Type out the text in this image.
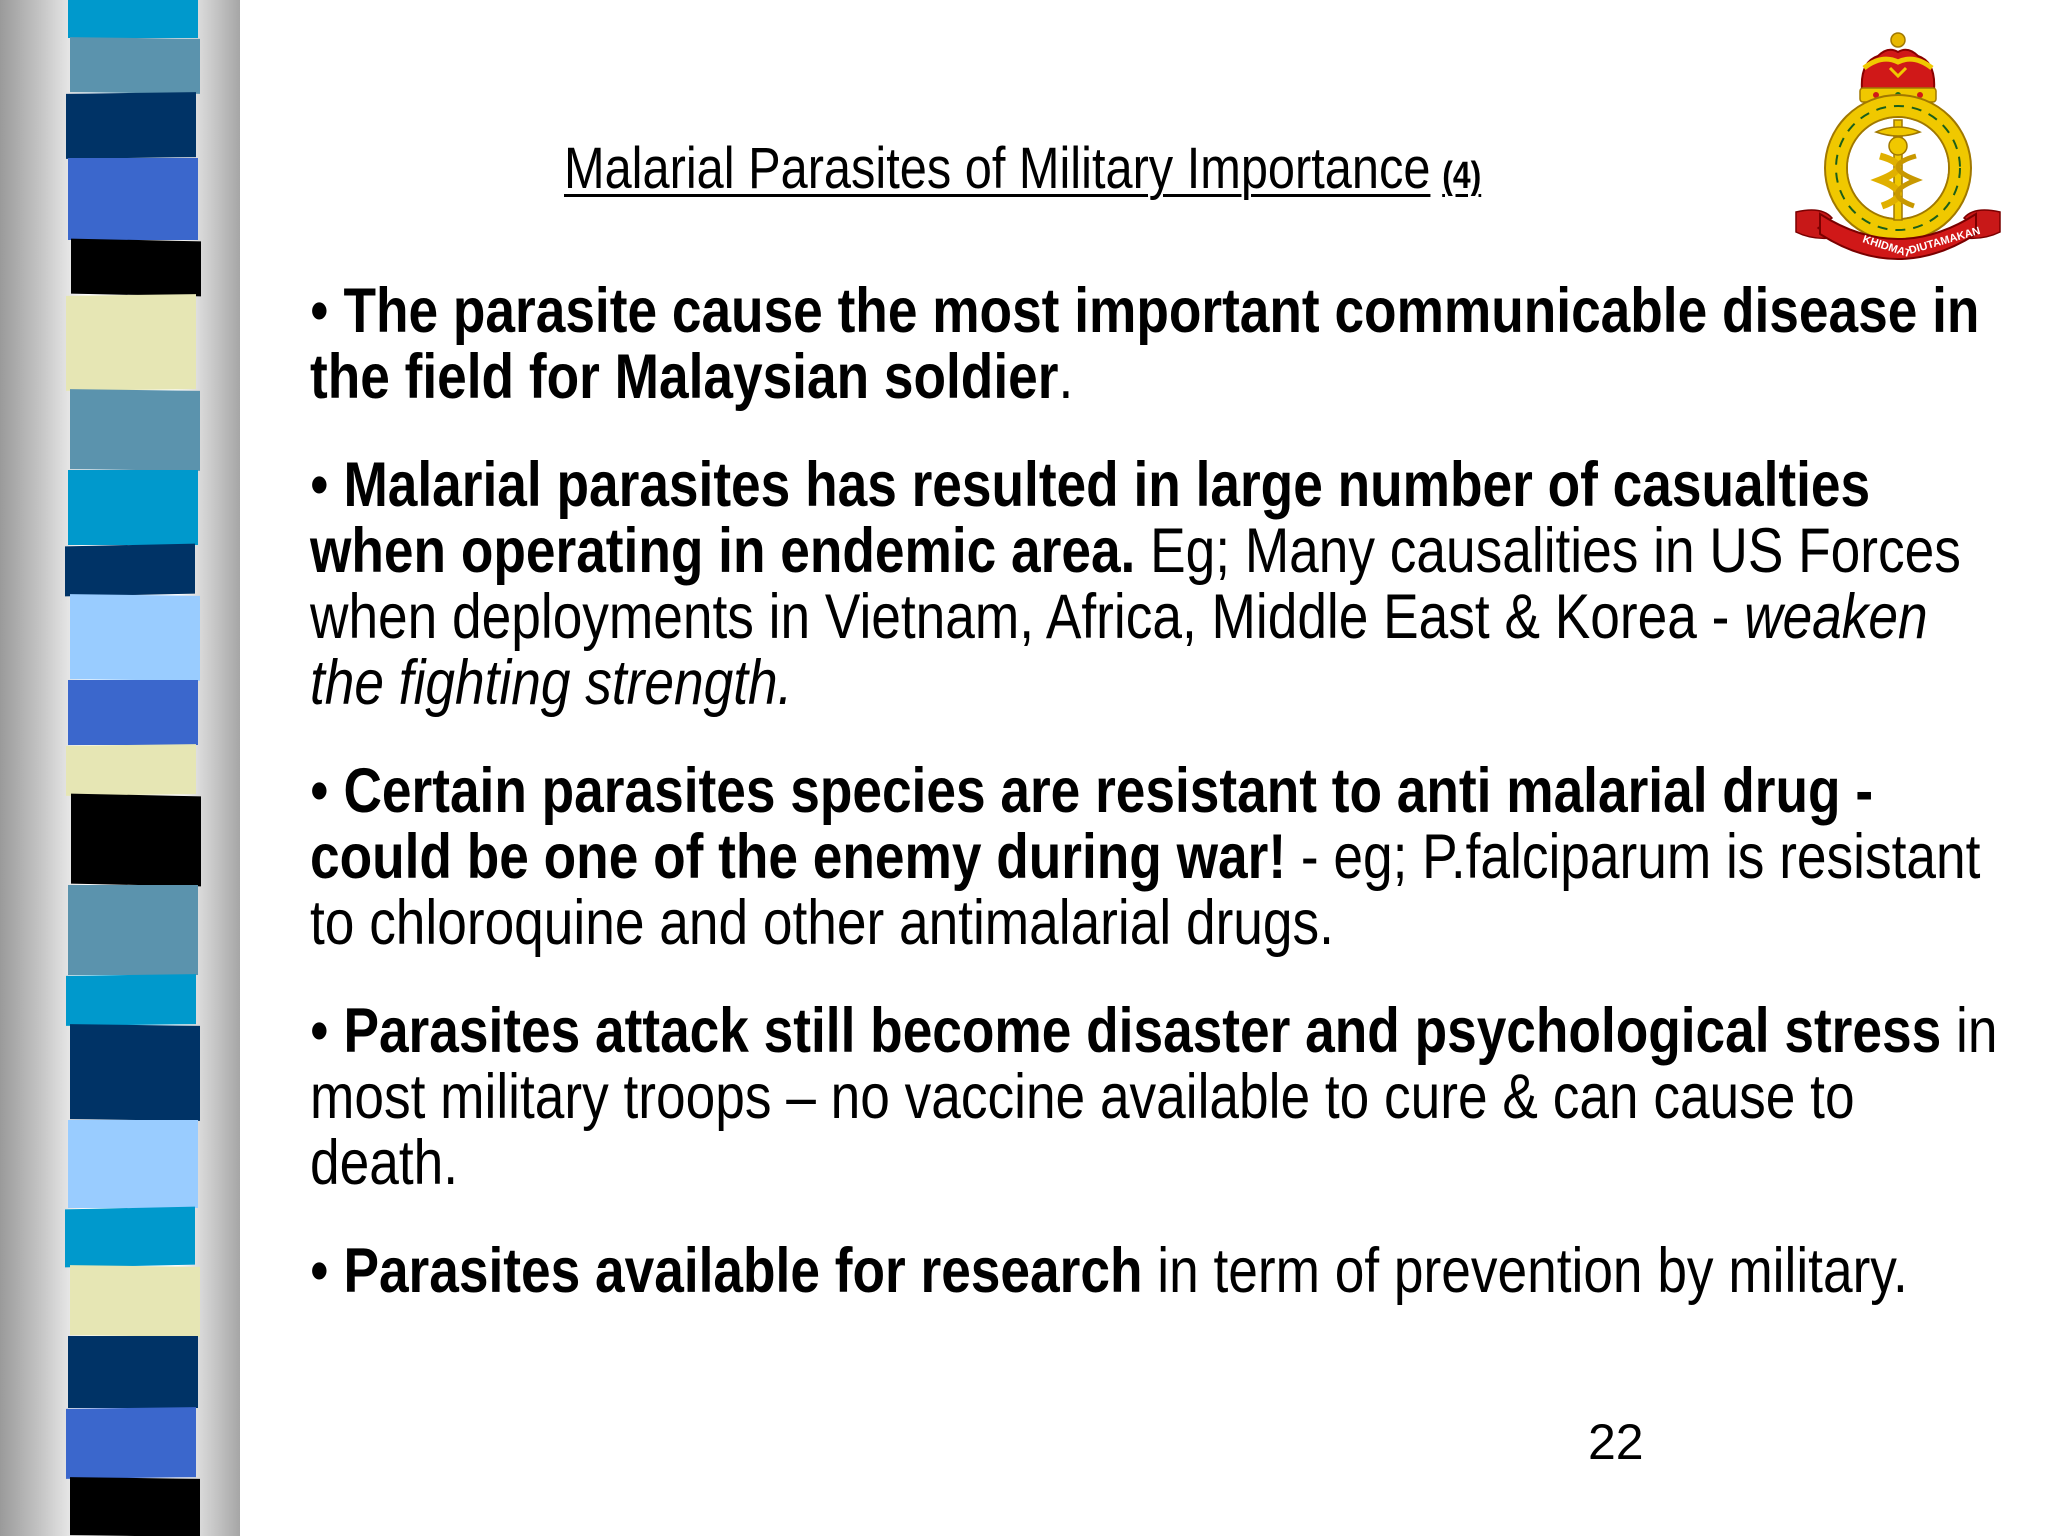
Malarial Parasites of Military Importance (4)
KHIDMAT
DIUTAMAKAN
• The parasite cause the most important communicable disease in the field for Malaysian soldier.
• Malarial parasites has resulted in large number of casualties when operating in endemic area. Eg; Many causalities in US Forces when deployments in Vietnam, Africa, Middle East & Korea - weaken the fighting strength.
• Certain parasites species are resistant to anti malarial drug - could be one of the enemy during war! - eg; P.falciparum is resistant to chloroquine and other antimalarial drugs.
• Parasites attack still become disaster and psychological stress in most military troops – no vaccine available to cure & can cause to death.
• Parasites available for research in term of prevention by military.
22
